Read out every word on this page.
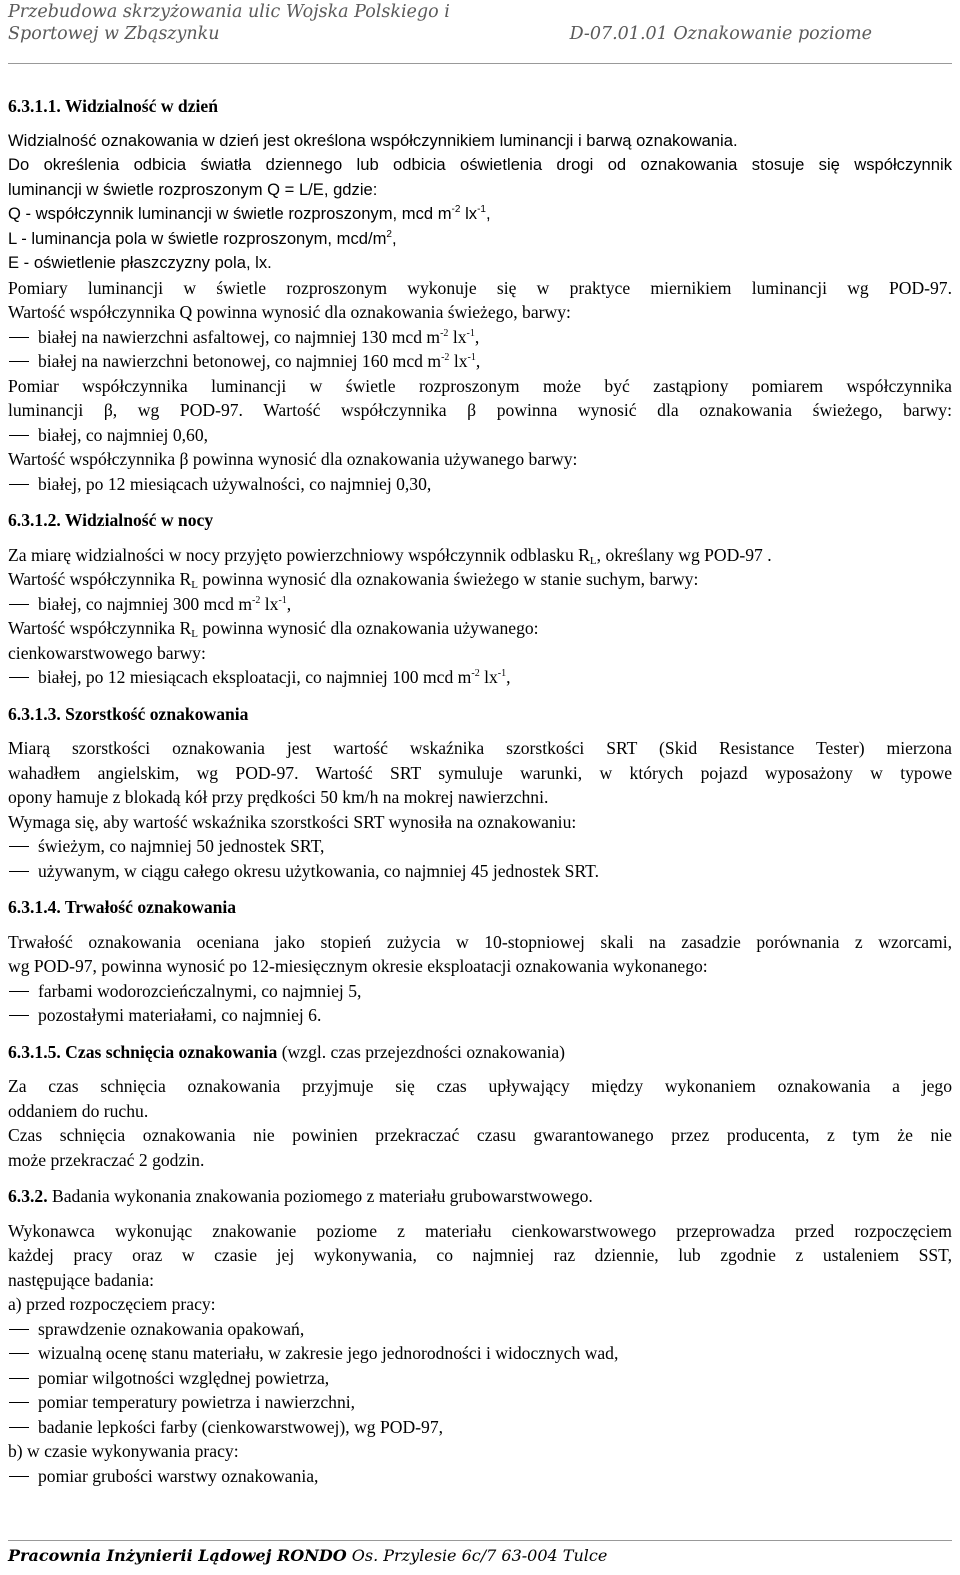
Przebudowa skrzyżowania ulic Wojska Polskiego i
Sportowej w Zbąszynku	D-07.01.01 Oznakowanie poziome

6.3.1.1. Widzialność w dzień

Widzialność oznakowania w dzień jest określona współczynnikiem luminancji i barwą oznakowania.

Do określenia odbicia światła dziennego lub odbicia oświetlenia drogi od oznakowania stosuje się współczynnik

luminancji w świetle rozproszonym Q = L/E, gdzie:

Q - współczynnik luminancji w świetle rozproszonym, mcd $m^{-2}$ $lx^{-1}$,

L - luminancja pola w świetle rozproszonym, mcd/$m^2$,

E - oświetlenie płaszczyzny pola, lx.

Pomiary luminancji w świetle rozproszonym wykonuje się w praktyce miernikiem luminancji wg POD-97.

Wartość współczynnika Q powinna wynosić dla oznakowania świeżego, barwy:

białej na nawierzchni asfaltowej, co najmniej 130 mcd $m^{-2}$ $lx^{-1}$,

białej na nawierzchni betonowej, co najmniej 160 mcd $m^{-2}$ $lx^{-1}$,

Pomiar współczynnika luminancji w świetle rozproszonym może być zastąpiony pomiarem współczynnika

luminancji β, wg POD-97. Wartość współczynnika β powinna wynosić dla oznakowania świeżego, barwy:

białej, co najmniej 0,60,

Wartość współczynnika β powinna wynosić dla oznakowania używanego barwy:

białej, po 12 miesiącach używalności, co najmniej 0,30,

6.3.1.2. Widzialność w nocy

Za miarę widzialności w nocy przyjęto powierzchniowy współczynnik odblasku $R_L$, określany wg POD-97 .

Wartość współczynnika $R_L$ powinna wynosić dla oznakowania świeżego w stanie suchym, barwy:

białej, co najmniej 300 mcd $m^{-2}$ $lx^{-1}$,

Wartość współczynnika $R_L$ powinna wynosić dla oznakowania używanego:

cienkowarstwowego barwy:

białej, po 12 miesiącach eksploatacji, co najmniej 100 mcd $m^{-2}$ $lx^{-1}$,

6.3.1.3. Szorstkość oznakowania

Miarą szorstkości oznakowania jest wartość wskaźnika szorstkości SRT (Skid Resistance Tester) mierzona

wahadłem angielskim, wg POD-97. Wartość SRT symuluje warunki, w których pojazd wyposażony w typowe

opony hamuje z blokadą kół przy prędkości 50 km/h na mokrej nawierzchni.

Wymaga się, aby wartość wskaźnika szorstkości SRT wynosiła na oznakowaniu:

świeżym, co najmniej 50 jednostek SRT,

używanym, w ciągu całego okresu użytkowania, co najmniej 45 jednostek SRT.

6.3.1.4. Trwałość oznakowania

Trwałość oznakowania oceniana jako stopień zużycia w 10-stopniowej skali na zasadzie porównania z wzorcami,

wg POD-97, powinna wynosić po 12-miesięcznym okresie eksploatacji oznakowania wykonanego:

farbami wodorozcieńczalnymi, co najmniej 5,

pozostałymi materiałami, co najmniej 6.

6.3.1.5. Czas schnięcia oznakowania (wzgl. czas przejezdności oznakowania)

Za czas schnięcia oznakowania przyjmuje się czas upływający między wykonaniem oznakowania a jego

oddaniem do ruchu.

Czas schnięcia oznakowania nie powinien przekraczać czasu gwarantowanego przez producenta, z tym że nie

może przekraczać 2 godzin.

6.3.2. Badania wykonania znakowania poziomego z materiału grubowarstwowego.

Wykonawca wykonując znakowanie poziome z materiału cienkowarstwowego przeprowadza przed rozpoczęciem

każdej pracy oraz w czasie jej wykonywania, co najmniej raz dziennie, lub zgodnie z ustaleniem SST,

następujące badania:

a) przed rozpoczęciem pracy:

sprawdzenie oznakowania opakowań,

wizualną ocenę stanu materiału, w zakresie jego jednorodności i widocznych wad,

pomiar wilgotności względnej powietrza,

pomiar temperatury powietrza i nawierzchni,

badanie lepkości farby (cienkowarstwowej), wg POD-97,

b) w czasie wykonywania pracy:

pomiar grubości warstwy oznakowania,

Pracownia Inżynierii Lądowej RONDO Os. Przylesie 6c/7 63-004 Tulce
